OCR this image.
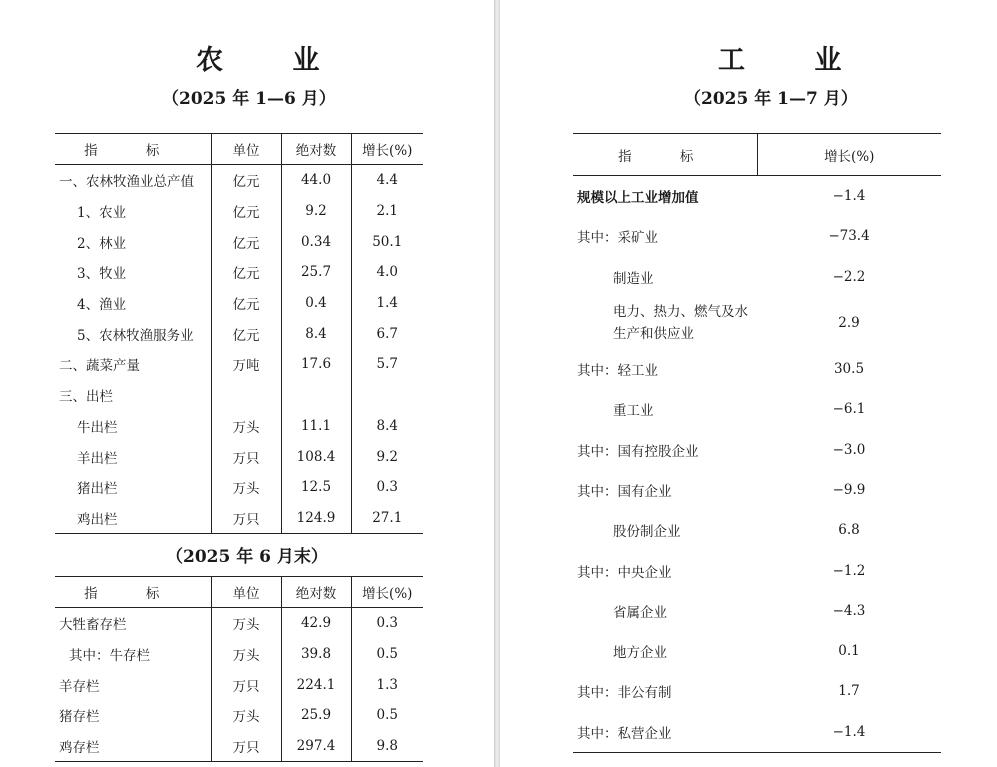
农 业
（2025 年 1—6 月）
指 标	单位	绝对数	增长(%)
一、农林牧渔业总产值	亿元	44.0	4.4
1、农业	亿元	9.2	2.1
2、林业	亿元	0.34	50.1
3、牧业	亿元	25.7	4.0
4、渔业	亿元	0.4	1.4
5、农林牧渔服务业	亿元	8.4	6.7
二、蔬菜产量	万吨	17.6	5.7
三、出栏			
牛出栏	万头	11.1	8.4
羊出栏	万只	108.4	9.2
猪出栏	万头	12.5	0.3
鸡出栏	万只	124.9	27.1
（2025 年 6 月末）
指 标	单位	绝对数	增长(%)
大牲畜存栏	万头	42.9	0.3
其中：牛存栏	万头	39.8	0.5
羊存栏	万只	224.1	1.3
猪存栏	万头	25.9	0.5
鸡存栏	万只	297.4	9.8
工 业
（2025 年 1—7 月）
指 标	增长(%)
规模以上工业增加值	−1.4
其中：采矿业	−73.4
制造业	−2.2
电力、热力、燃气及水
生产和供应业	2.9
其中：轻工业	30.5
重工业	−6.1
其中：国有控股企业	−3.0
其中：国有企业	−9.9
股份制企业	6.8
其中：中央企业	−1.2
省属企业	−4.3
地方企业	0.1
其中：非公有制	1.7
其中：私营企业	−1.4
